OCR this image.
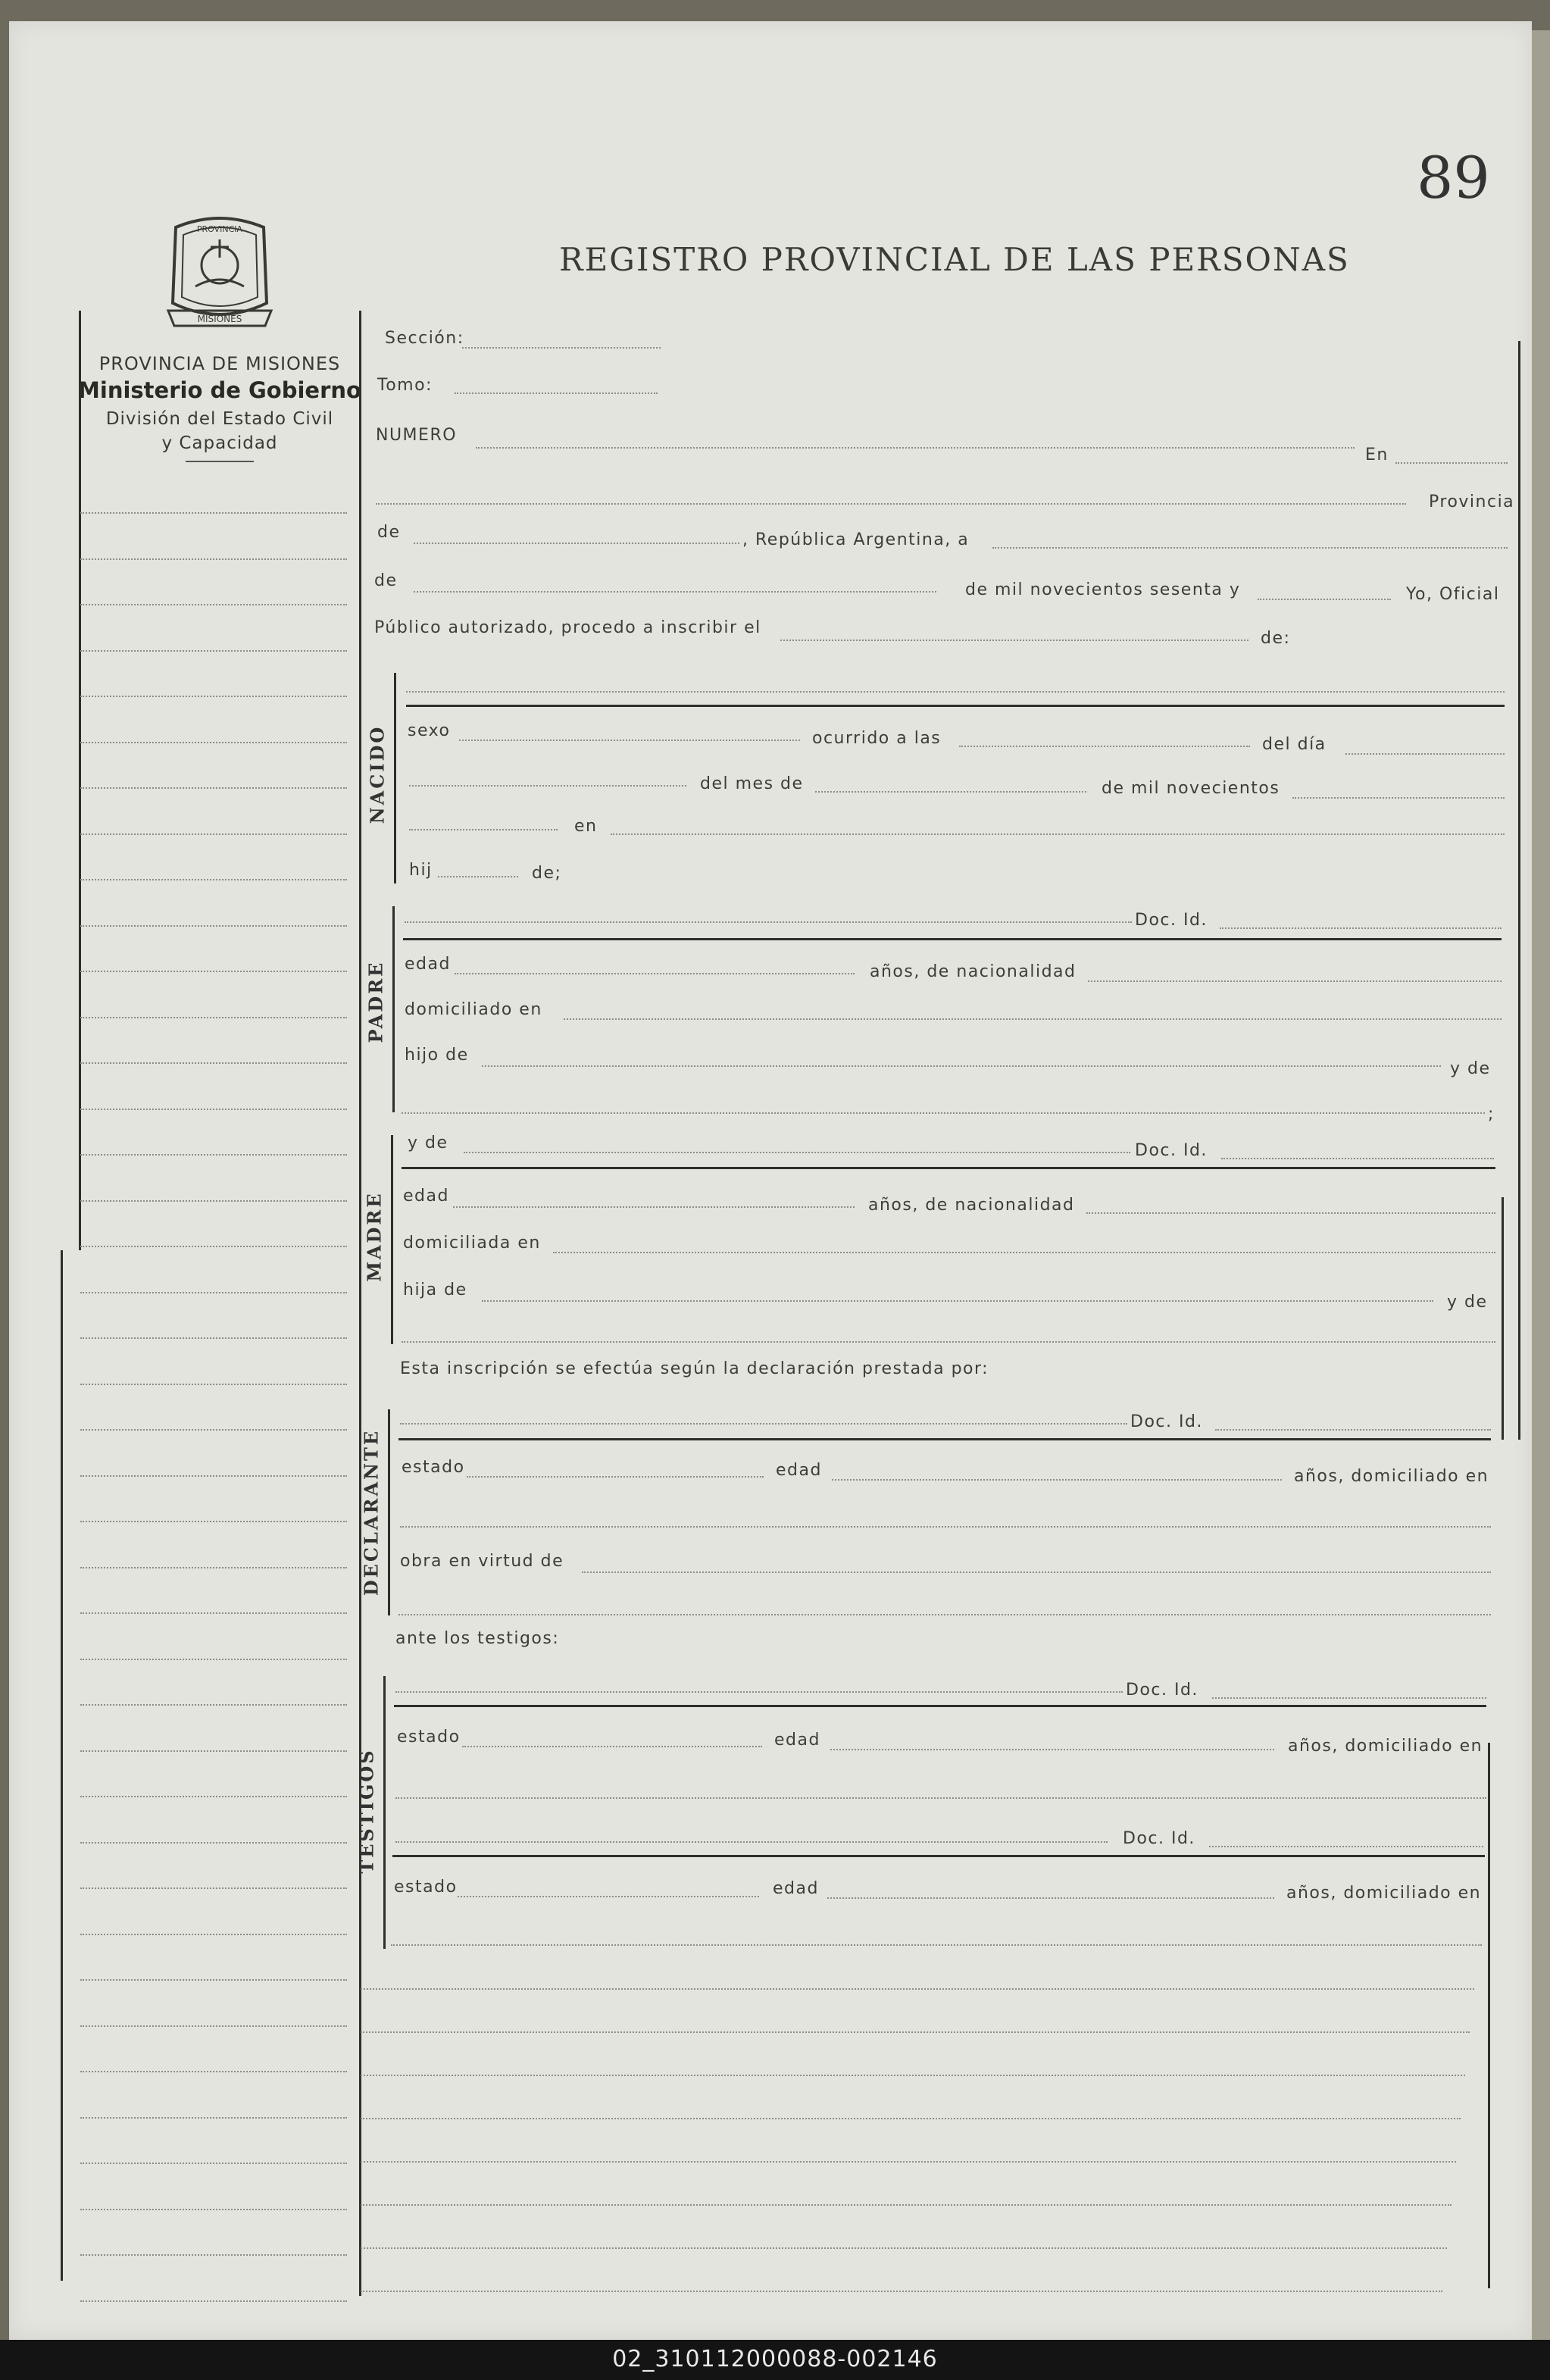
89
REGISTRO PROVINCIAL DE LAS PERSONAS
PROVINCIA
MISIONES
PROVINCIA DE MISIONES
Ministerio de Gobierno
División del Estado Civil
y Capacidad
Sección:
Tomo:
NUMERO
En
Provincia
de	, República Argentina, a
de	de mil novecientos sesenta y	Yo, Oficial
Público autorizado, procedo a inscribir el
de:
NACIDO sexo	ocurrido a las	del día
del mes de	de mil novecientos
en
hij	de;
PADRE
Doc. Id.
edad	años, de nacionalidad
domiciliado en
hijo de
y de
;
MADRE
y de	Doc. Id.
edad	años, de nacionalidad
domiciliada en
hija de
y de
Esta inscripción se efectúa según la declaración prestada por:
DECLARANTE
Doc. Id.
estado	edad	años, domiciliado en
obra en virtud de
ante los testigos:
TESTIGOS
Doc. Id.
estado	edad	años, domiciliado en
Doc. Id.
estado	edad	años, domiciliado en
02_310112000088-002146
